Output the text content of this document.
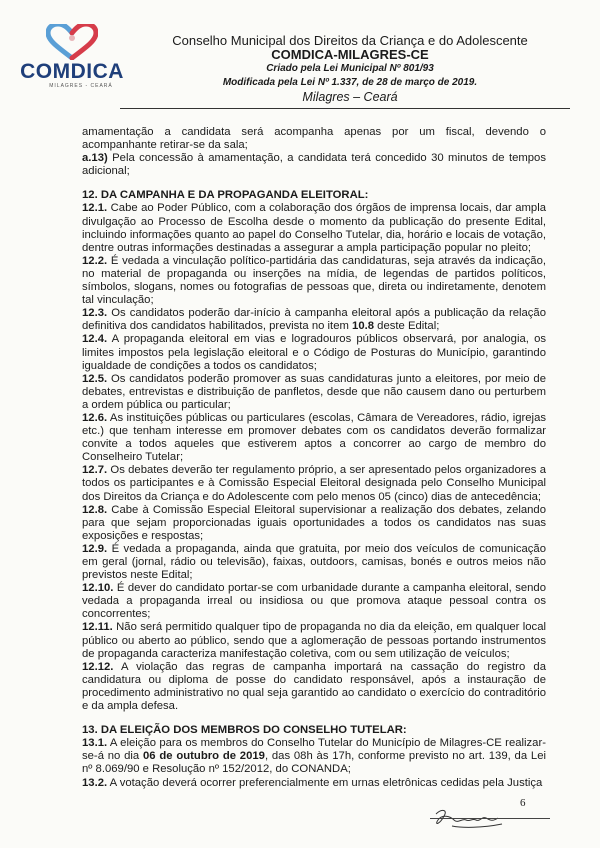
COMDICA
MILAGRES - CEARÁ
Conselho Municipal dos Direitos da Criança e do Adolescente
COMDICA-MILAGRES-CE
Criado pela Lei Municipal Nº 801/93
Modificada pela Lei Nº 1.337, de 28 de março de 2019.
Milagres – Ceará

amamentação a candidata será acompanha apenas por um fiscal, devendo o acompanhante retirar-se da sala;

a.13) Pela concessão à amamentação, a candidata terá concedido 30 minutos de tempos adicional;

12. DA CAMPANHA E DA PROPAGANDA ELEITORAL:

12.1. Cabe ao Poder Público, com a colaboração dos órgãos de imprensa locais, dar ampla divulgação ao Processo de Escolha desde o momento da publicação do presente Edital, incluindo informações quanto ao papel do Conselho Tutelar, dia, horário e locais de votação, dentre outras informações destinadas a assegurar a ampla participação popular no pleito;

12.2. É vedada a vinculação político-partidária das candidaturas, seja através da indicação, no material de propaganda ou inserções na mídia, de legendas de partidos políticos, símbolos, slogans, nomes ou fotografias de pessoas que, direta ou indiretamente, denotem tal vinculação;

12.3. Os candidatos poderão dar-início à campanha eleitoral após a publicação da relação definitiva dos candidatos habilitados, prevista no item 10.8 deste Edital;

12.4. A propaganda eleitoral em vias e logradouros públicos observará, por analogia, os limites impostos pela legislação eleitoral e o Código de Posturas do Município, garantindo igualdade de condições a todos os candidatos;

12.5. Os candidatos poderão promover as suas candidaturas junto a eleitores, por meio de debates, entrevistas e distribuição de panfletos, desde que não causem dano ou perturbem a ordem pública ou particular;

12.6. As instituições públicas ou particulares (escolas, Câmara de Vereadores, rádio, igrejas etc.) que tenham interesse em promover debates com os candidatos deverão formalizar convite a todos aqueles que estiverem aptos a concorrer ao cargo de membro do Conselheiro Tutelar;

12.7. Os debates deverão ter regulamento próprio, a ser apresentado pelos organizadores a todos os participantes e à Comissão Especial Eleitoral designada pelo Conselho Municipal dos Direitos da Criança e do Adolescente com pelo menos 05 (cinco) dias de antecedência;

12.8. Cabe à Comissão Especial Eleitoral supervisionar a realização dos debates, zelando para que sejam proporcionadas iguais oportunidades a todos os candidatos nas suas exposições e respostas;

12.9. É vedada a propaganda, ainda que gratuita, por meio dos veículos de comunicação em geral (jornal, rádio ou televisão), faixas, outdoors, camisas, bonés e outros meios não previstos neste Edital;

12.10. É dever do candidato portar-se com urbanidade durante a campanha eleitoral, sendo vedada a propaganda irreal ou insidiosa ou que promova ataque pessoal contra os concorrentes;

12.11. Não será permitido qualquer tipo de propaganda no dia da eleição, em qualquer local público ou aberto ao público, sendo que a aglomeração de pessoas portando instrumentos de propaganda caracteriza manifestação coletiva, com ou sem utilização de veículos;

12.12. A violação das regras de campanha importará na cassação do registro da candidatura ou diploma de posse do candidato responsável, após a instauração de procedimento administrativo no qual seja garantido ao candidato o exercício do contraditório e da ampla defesa.

13. DA ELEIÇÃO DOS MEMBROS DO CONSELHO TUTELAR:

13.1. A eleição para os membros do Conselho Tutelar do Município de Milagres-CE realizar-se-á no dia 06 de outubro de 2019, das 08h às 17h, conforme previsto no art. 139, da Lei nº 8.069/90 e Resolução nº 152/2012, do CONANDA;

13.2. A votação deverá ocorrer preferencialmente em urnas eletrônicas cedidas pela Justiça

6
